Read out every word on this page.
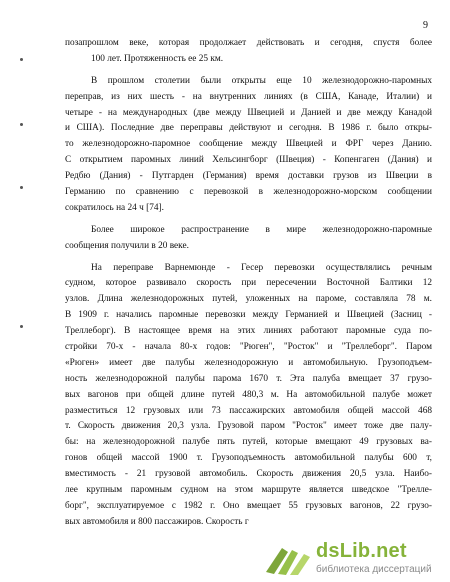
9
позапрошлом веке, которая продолжает действовать и сегодня, спустя более
100 лет. Протяженность ее 25 км.
В прошлом столетии были открыты еще 10 железнодорожно-паромных
переправ, из них шесть - на внутренних линиях (в США, Канаде, Италии) и
четыре - на международных (две между Швецией и Данией и две между Канадой
и США). Последние две переправы действуют и сегодня. В 1986 г. было откры-
то железнодорожно-паромное сообщение между Швецией и ФРГ через Данию.
С открытием паромных линий Хельсингборг (Швеция) - Копенгаген (Дания) и
Редбю (Дания) - Путгарден (Германия) время доставки грузов из Швеции в
Германию по сравнению с перевозкой в железнодорожно-морском сообщении
сократилось на 24 ч [74].
Более широкое распространение в мире железнодорожно-паромные
сообщения получили в 20 веке.
На переправе Варнемюнде - Гесер перевозки осуществлялись речным
судном, которое развивало скорость при пересечении Восточной Балтики 12
узлов. Длина железнодорожных путей, уложенных на пароме, составляла 78 м.
В 1909 г. начались паромные перевозки между Германией и Швецией (Засниц -
Треллеборг). В настоящее время на этих линиях работают паромные суда по-
стройки 70-х - начала 80-х годов: "Рюген", "Росток" и "Треллеборг". Паром
«Рюген» имеет две палубы железнодорожную и автомобильную. Грузоподъем-
ность железнодорожной палубы парома 1670 т. Эта палуба вмещает 37 грузо-
вых вагонов при общей длине путей 480,3 м. На автомобильной палубе может
разместиться 12 грузовых или 73 пассажирских автомобиля общей массой 468
т. Скорость движения 20,3 узла. Грузовой паром "Росток" имеет тоже две палу-
бы: на железнодорожной палубе пять путей, которые вмещают 49 грузовых ва-
гонов общей массой 1900 т. Грузоподъемность автомобильной палубы 600 т,
вместимость - 21 грузовой автомобиль. Скорость движения 20,5 узла. Наибо-
лее крупным паромным судном на этом маршруте является шведское "Трелле-
борг", эксплуатируемое с 1982 г. Оно вмещает 55 грузовых вагонов, 22 грузо-
вых автомобиля и 800 пассажиров. Скорость г
dsLib.net
библиотека диссертаций
